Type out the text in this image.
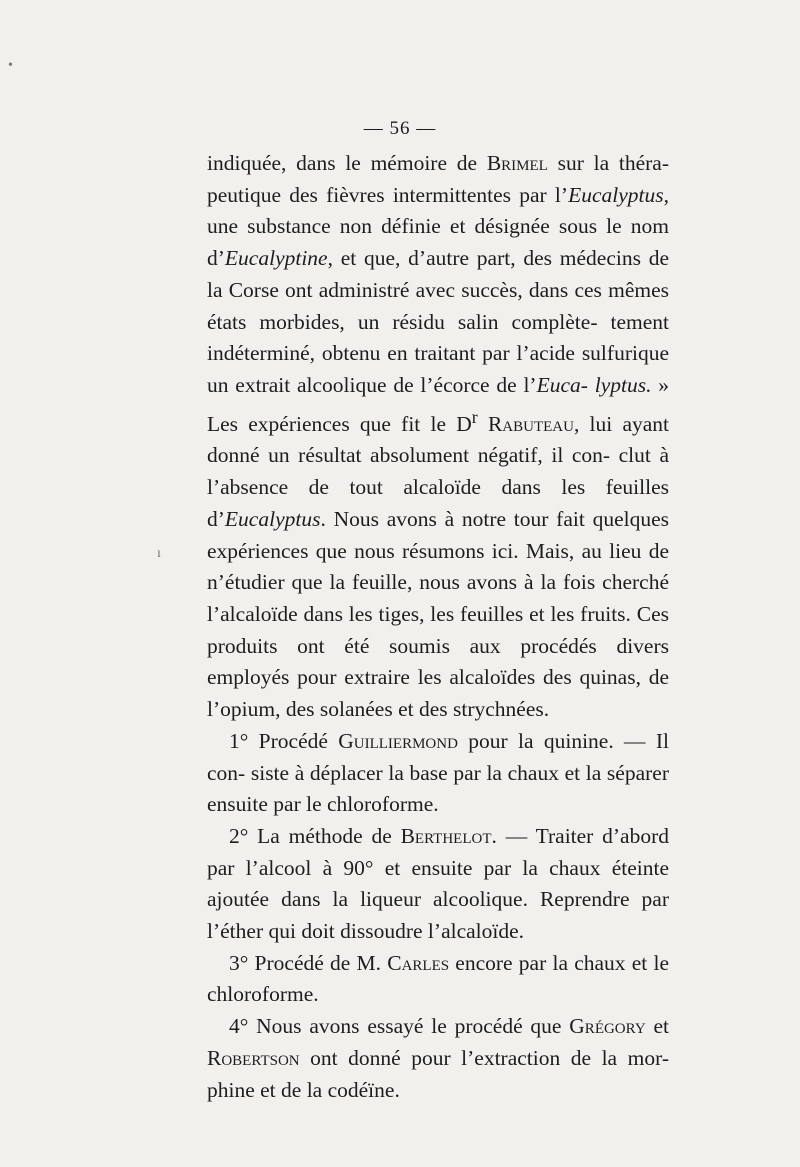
•
ı
— 56 —

indiquée, dans le mémoire de Brimel sur la théra- peutique des fièvres intermittentes par l’Eucalyptus, une substance non définie et désignée sous le nom d’Eucalyptine, et que, d’autre part, des médecins de la Corse ont administré avec succès, dans ces mêmes états morbides, un résidu salin complète- tement indéterminé, obtenu en traitant par l’acide sulfurique un extrait alcoolique de l’écorce de l’Euca- lyptus. » Les expériences que fit le $D^r$ Rabuteau, lui ayant donné un résultat absolument négatif, il con- clut à l’absence de tout alcaloïde dans les feuilles d’Eucalyptus. Nous avons à notre tour fait quelques expériences que nous résumons ici. Mais, au lieu de n’étudier que la feuille, nous avons à la fois cherché l’alcaloïde dans les tiges, les feuilles et les fruits. Ces produits ont été soumis aux procédés divers employés pour extraire les alcaloïdes des quinas, de l’opium, des solanées et des strychnées.

1° Procédé Guilliermond pour la quinine. — Il con- siste à déplacer la base par la chaux et la séparer ensuite par le chloroforme.

2° La méthode de Berthelot. — Traiter d’abord par l’alcool à 90° et ensuite par la chaux éteinte ajoutée dans la liqueur alcoolique. Reprendre par l’éther qui doit dissoudre l’alcaloïde.

3° Procédé de M. Carles encore par la chaux et le chloroforme.

4° Nous avons essayé le procédé que Grégory et Robertson ont donné pour l’extraction de la mor- phine et de la codéïne.
